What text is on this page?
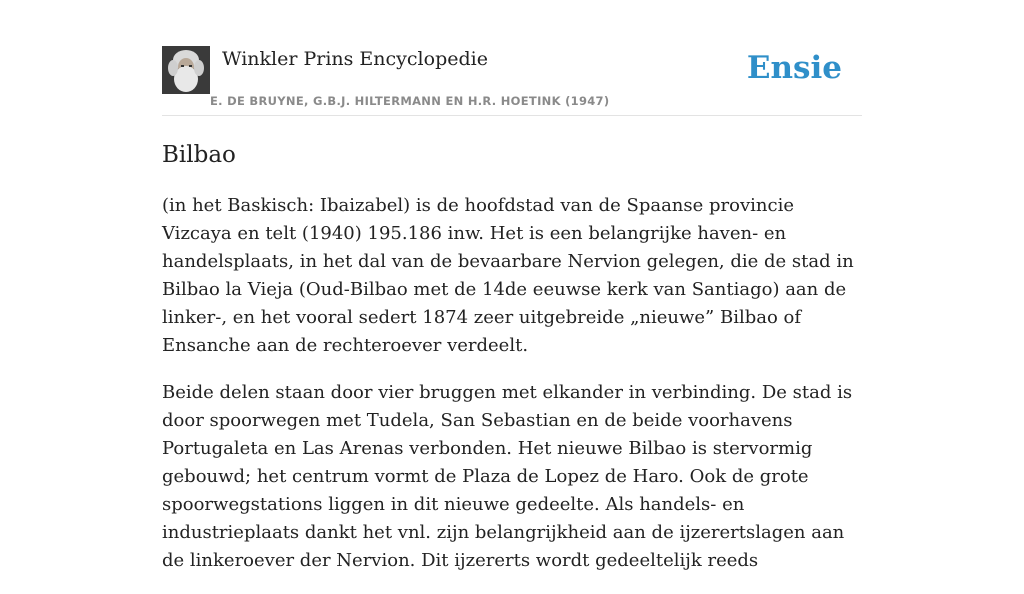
Winkler Prins Encyclopedie
E. DE BRUYNE, G.B.J. HILTERMANN EN H.R. HOETINK (1947)
Ensie
Bilbao

(in het Baskisch: Ibaizabel) is de hoofdstad van de Spaanse provincie Vizcaya en telt (1940) 195.186 inw. Het is een belangrijke haven- en handelsplaats, in het dal van de bevaarbare Nervion gelegen, die de stad in Bilbao la Vieja (Oud-Bilbao met de 14de eeuwse kerk van Santiago) aan de linker-, en het vooral sedert 1874 zeer uitgebreide „nieuwe” Bilbao of Ensanche aan de rechteroever verdeelt.

Beide delen staan door vier bruggen met elkander in verbinding. De stad is door spoorwegen met Tudela, San Sebastian en de beide voorhavens Portugaleta en Las Arenas verbonden. Het nieuwe Bilbao is stervormig gebouwd; het centrum vormt de Plaza de Lopez de Haro. Ook de grote spoorwegstations liggen in dit nieuwe gedeelte. Als handels- en industrieplaats dankt het vnl. zijn belangrijkheid aan de ijzerertslagen aan de linkeroever der Nervion. Dit ijzererts wordt gedeeltelijk reeds
